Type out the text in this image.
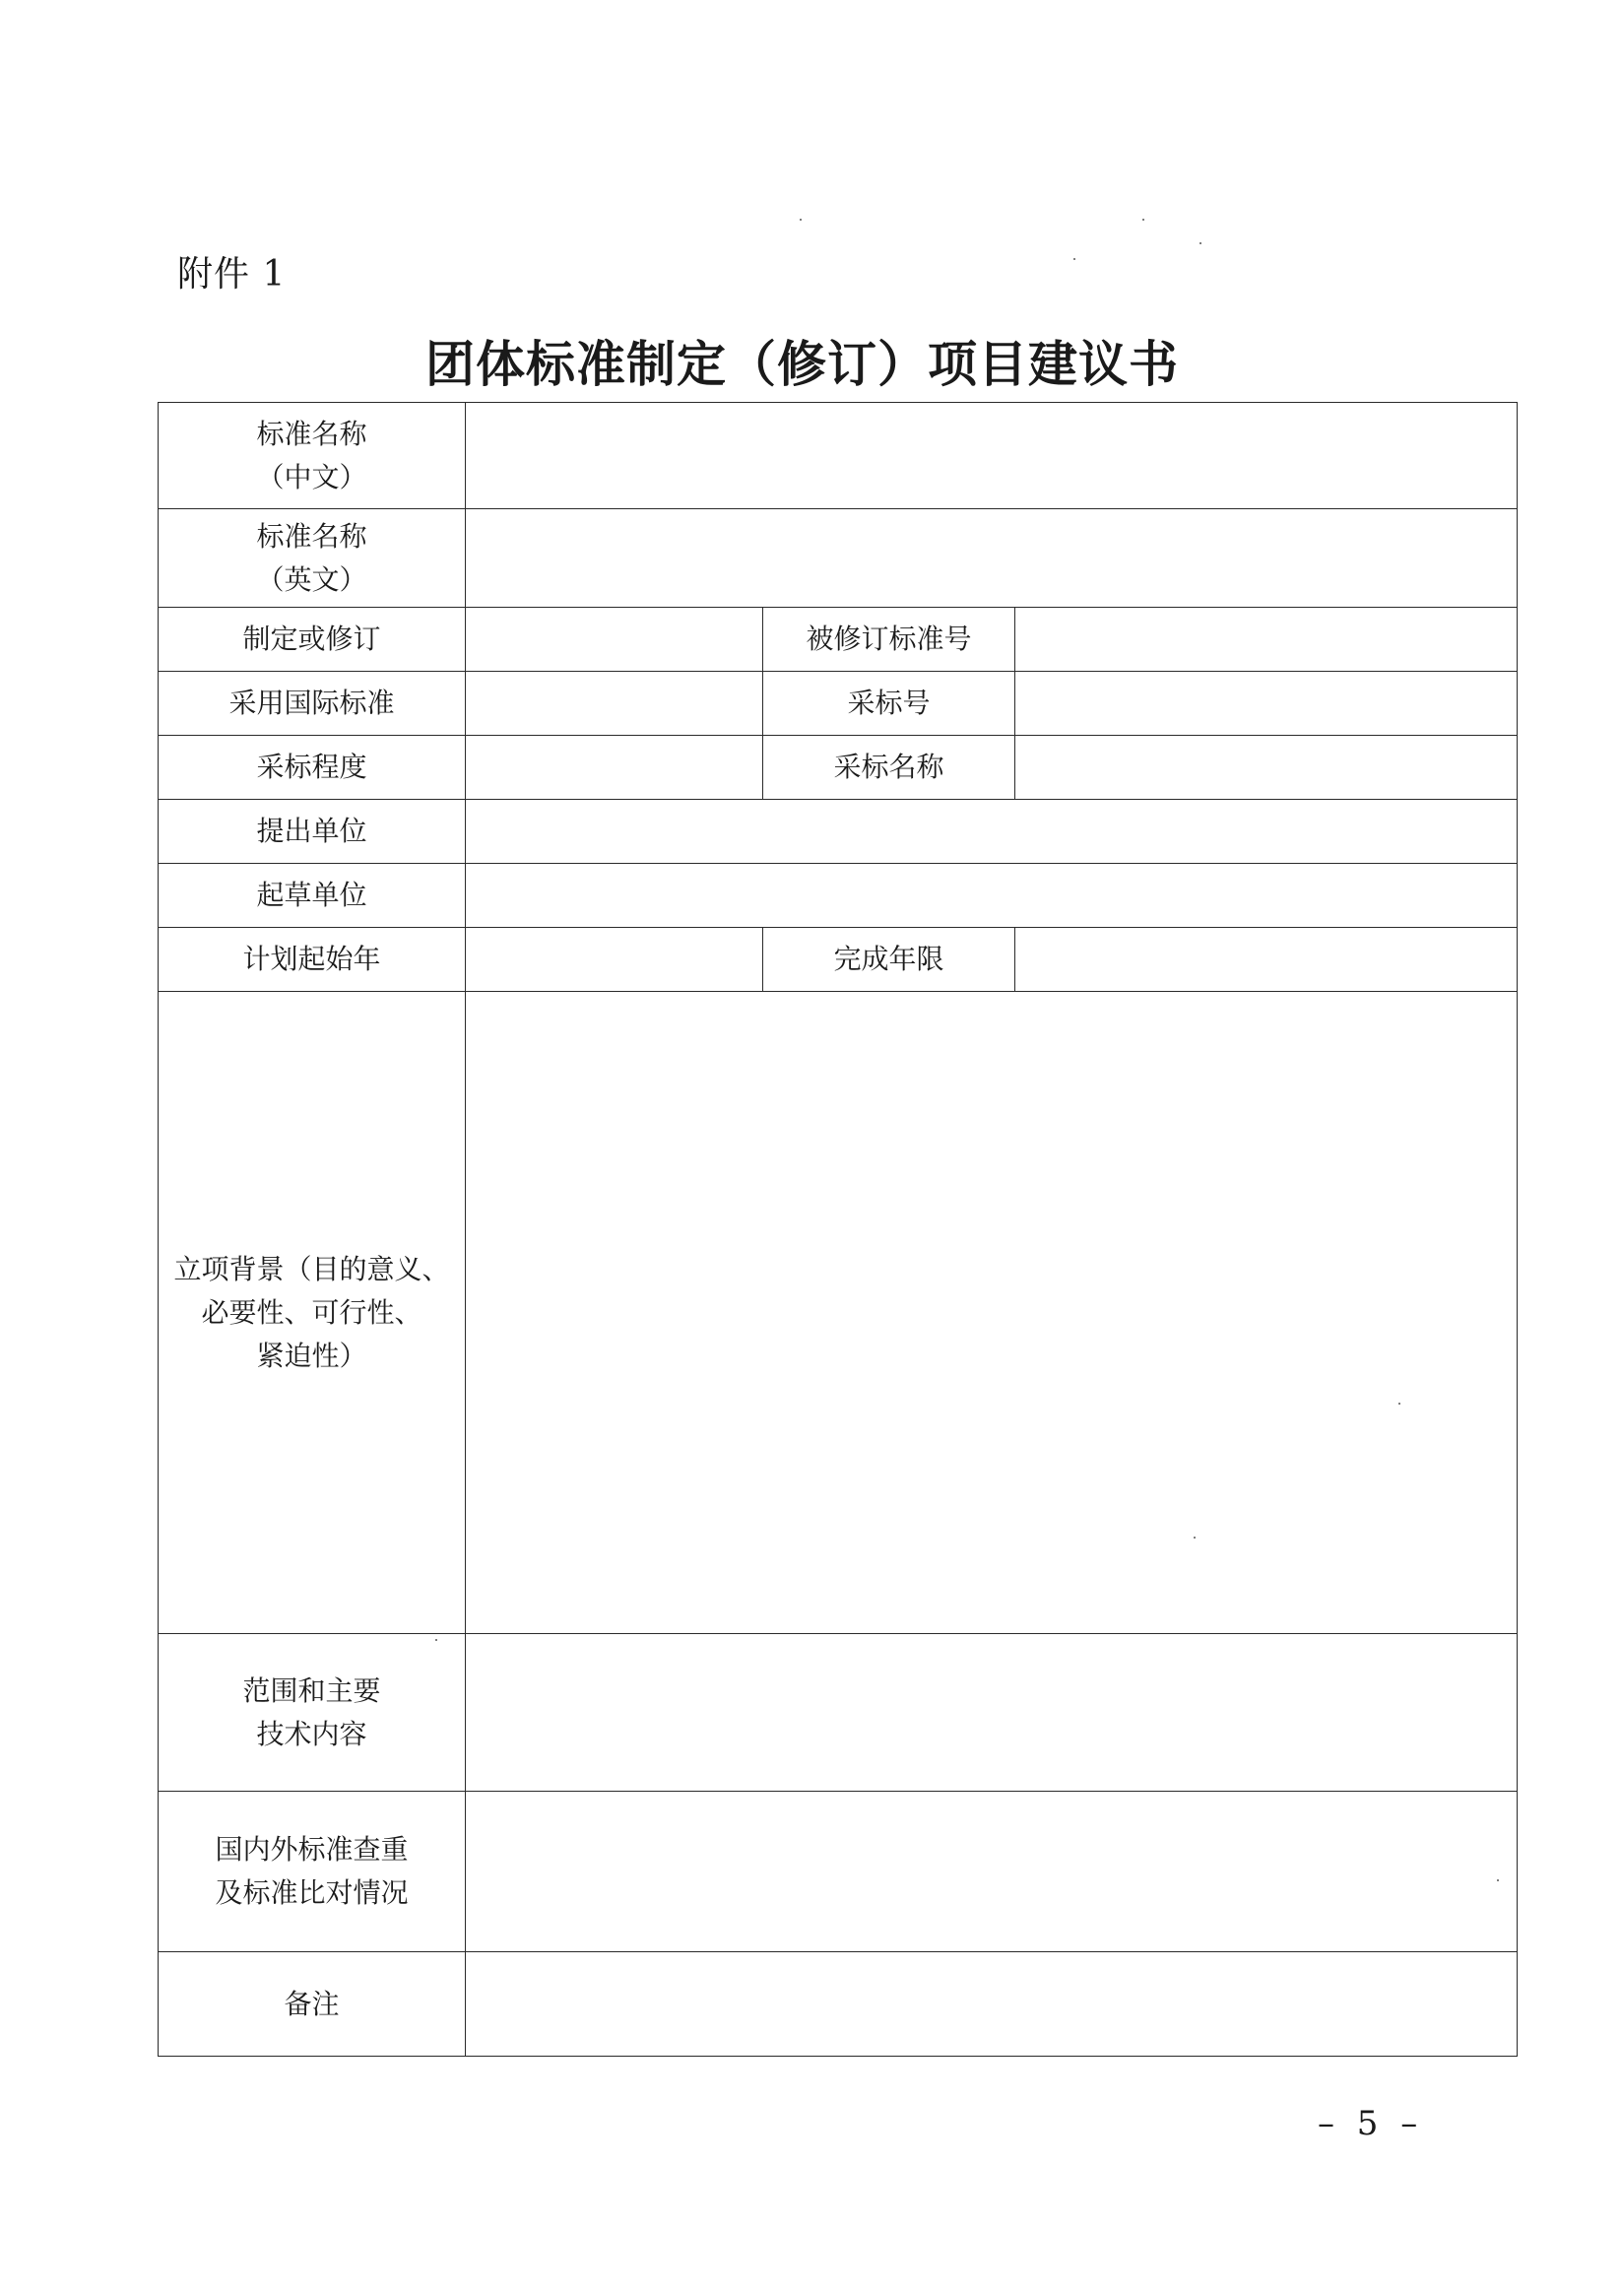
附件 1
团体标准制定（修订）项目建议书
标准名称
（中文）			

标准名称
（英文）			

制定或修订		被修订标准号	
采用国际标准		采标号	
采标程度		采标名称	
提出单位			
起草单位			
计划起始年		完成年限	

立项背景（目的意义、
必要性、可行性、
紧迫性）			

范围和主要
技术内容			

国内外标准查重
及标准比对情况			

备注			
– 5 –
